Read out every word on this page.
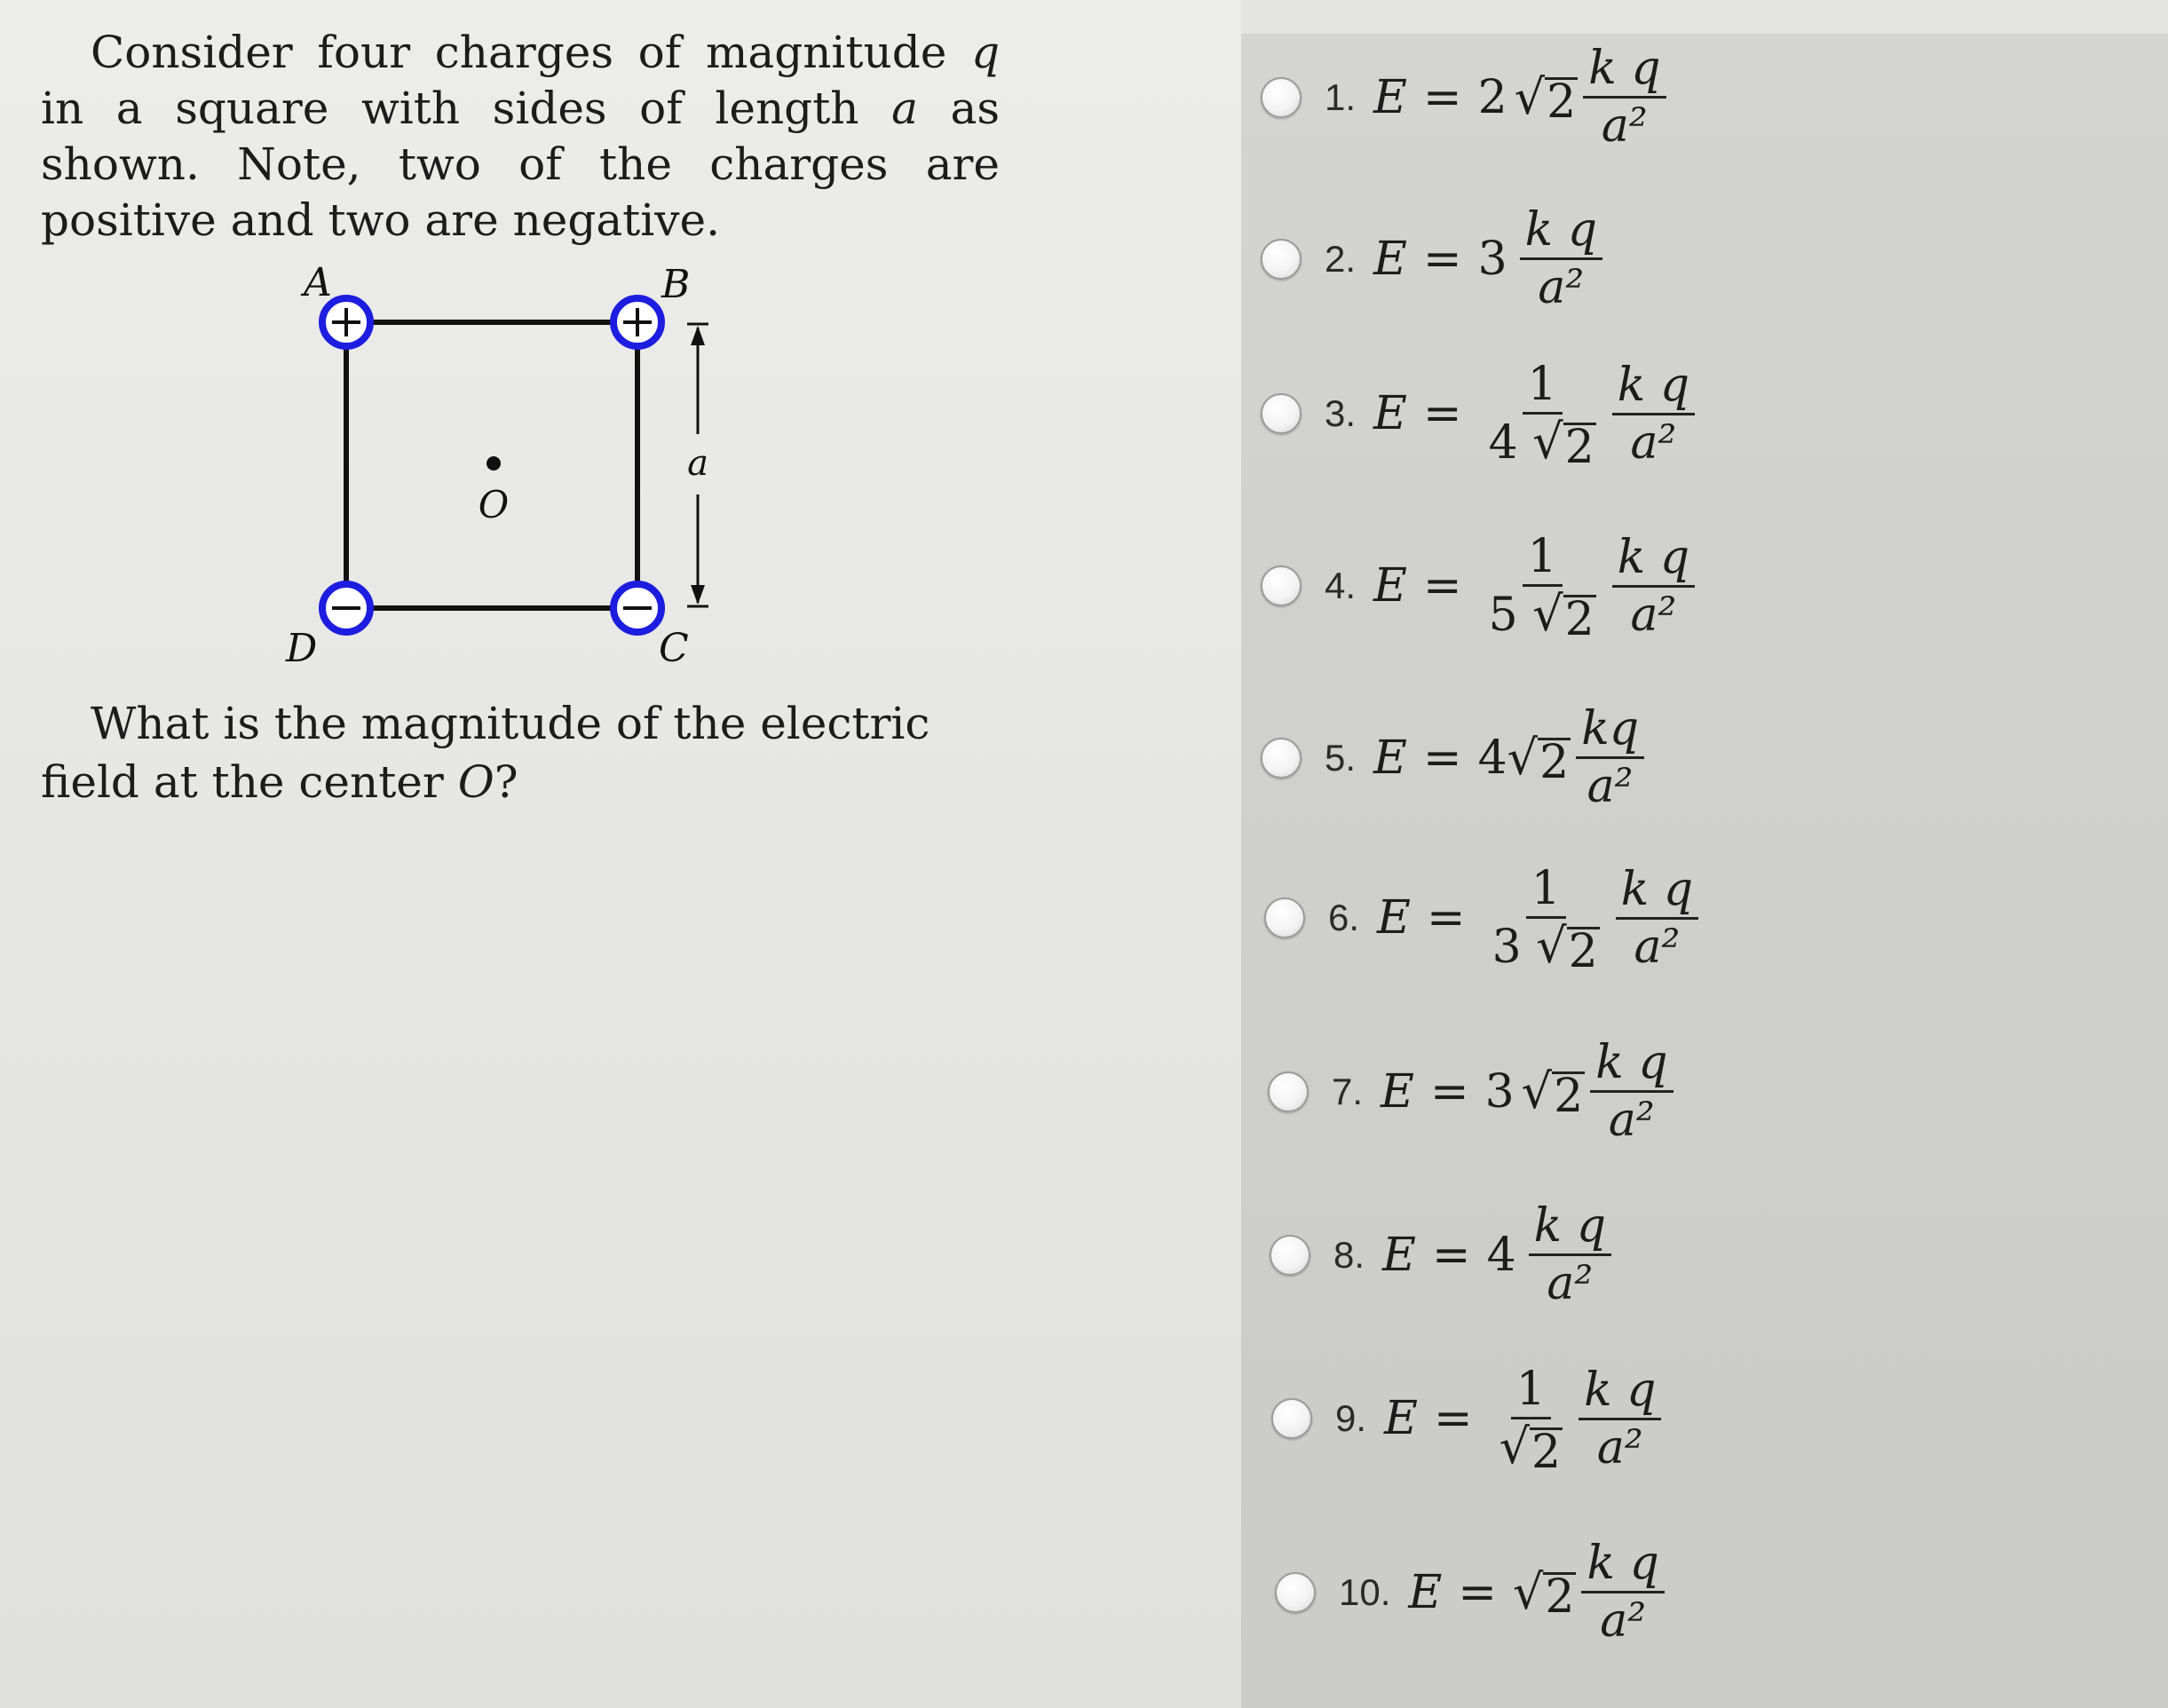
Consider four charges of magnitude q in a square with sides of length a as shown. Note, two of the charges are positive and two are negative.

a
O
A	B
C
D

What is the magnitude of the electric field at the center O?

1. E = 2 √ $2 \frac{\text{k q}}{\text{a²}}$
2. $E = 3 \frac{\text{k q}}{\text{a²}}$
3. $E = \frac{1}{4 √ 2} \frac{\text{k q}}{\text{a²}}$
4. $E = \frac{1}{5 √ 2} \frac{\text{k q}}{\text{a²}}$
5. E = 4 √ $2 \frac{kq}{\text{a²}}$
6. $E = \frac{1}{3 √ 2} \frac{\text{k q}}{\text{a²}}$
7. E = 3 √ $2 \frac{\text{k q}}{\text{a²}}$
8. $E = 4 \frac{\text{k q}}{\text{a²}}$
9. $E = \frac{1}{√ 2} \frac{\text{k q}}{\text{a²}}$
10. E = √ $2 \frac{\text{k q}}{\text{a²}}$
